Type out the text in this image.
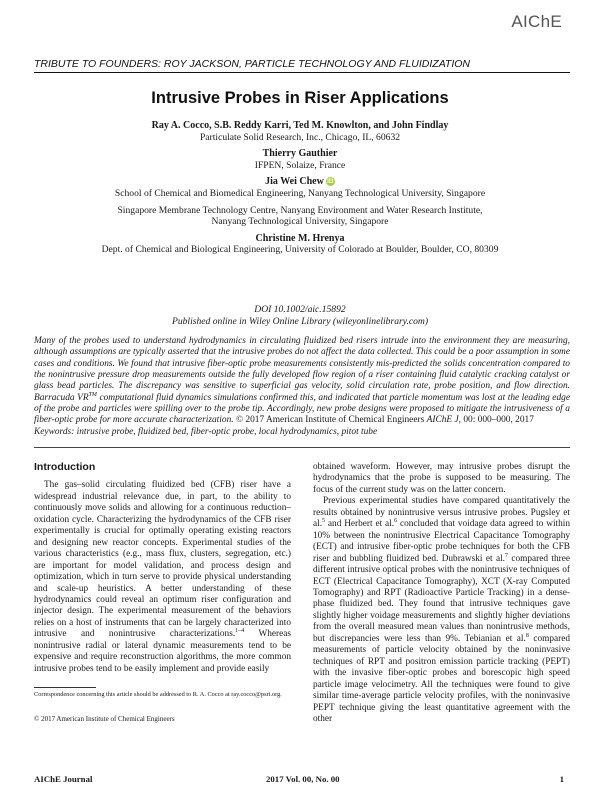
AIChE
TRIBUTE TO FOUNDERS: ROY JACKSON, PARTICLE TECHNOLOGY AND FLUIDIZATION
Intrusive Probes in Riser Applications
Ray A. Cocco, S.B. Reddy Karri, Ted M. Knowlton, and John Findlay
Particulate Solid Research, Inc., Chicago, IL, 60632
Thierry Gauthier
IFPEN, Solaize, France
Jia Wei Chew iD
School of Chemical and Biomedical Engineering, Nanyang Technological University, Singapore
Singapore Membrane Technology Centre, Nanyang Environment and Water Research Institute,
Nanyang Technological University, Singapore
Christine M. Hrenya
Dept. of Chemical and Biological Engineering, University of Colorado at Boulder, Boulder, CO, 80309
DOI 10.1002/aic.15892
Published online in Wiley Online Library (wileyonlinelibrary.com)

Many of the probes used to understand hydrodynamics in circulating fluidized bed risers intrude into the environment they are measuring, although assumptions are typically asserted that the intrusive probes do not affect the data collected. This could be a poor assumption in some cases and conditions. We found that intrusive fiber-optic probe measurements consistently mis-predicted the solids concentration compared to the nonintrusive pressure drop measurements outside the fully developed flow region of a riser containing fluid catalytic cracking catalyst or glass bead particles. The discrepancy was sensitive to superficial gas velocity, solid circulation rate, probe position, and flow direction. Barracuda VR™ computational fluid dynamics simulations confirmed this, and indicated that particle momentum was lost at the leading edge of the probe and particles were spilling over to the probe tip. Accordingly, new probe designs were proposed to mitigate the intrusiveness of a fiber-optic probe for more accurate characterization. © 2017 American Institute of Chemical Engineers AIChE J, 00: 000–000, 2017

Keywords: intrusive probe, fluidized bed, fiber-optic probe, local hydrodynamics, pitot tube

Introduction

The gas–solid circulating fluidized bed (CFB) riser have a widespread industrial relevance due, in part, to the ability to continuously move solids and allowing for a continuous reduction–oxidation cycle. Characterizing the hydrodynamics of the CFB riser experimentally is crucial for optimally operating existing reactors and designing new reactor concepts. Experimental studies of the various characteristics (e.g., mass flux, clusters, segregation, etc.) are important for model validation, and process design and optimization, which in turn serve to provide physical understanding and scale-up heuristics. A better understanding of these hydrodynamics could reveal an optimum riser configuration and injector design. The experimental measurement of the behaviors relies on a host of instruments that can be largely characterized into intrusive and nonintrusive characterizations.$^{1-4}$ Whereas nonintrusive radial or lateral dynamic measurements tend to be expensive and require reconstruction algorithms, the more common intrusive probes tend to be easily implement and provide easily

obtained waveform. However, may intrusive probes disrupt the hydrodynamics that the probe is supposed to be measuring. The focus of the current study was on the latter concern.

Previous experimental studies have compared quantitatively the results obtained by nonintrusive versus intrusive probes. Pugsley et al.$^5$ and Herbert et al.$^6$ concluded that voidage data agreed to within 10% between the nonintrusive Electrical Capacitance Tomography (ECT) and intrusive fiber-optic probe techniques for both the CFB riser and bubbling fluidized bed. Dubrawski et al.$^7$ compared three different intrusive optical probes with the nonintrusive techniques of ECT (Electrical Capacitance Tomography), XCT (X-ray Computed Tomography) and RPT (Radioactive Particle Tracking) in a dense-phase fluidized bed. They found that intrusive techniques gave slightly higher voidage measurements and slightly higher deviations from the overall measured mean values than nonintrusive methods, but discrepancies were less than 9%. Tebianian et al.$^8$ compared measurements of particle velocity obtained by the noninvasive techniques of RPT and positron emission particle tracking (PEPT) with the invasive fiber-optic probes and borescopic high speed particle image velocimetry. All the techniques were found to give similar time-average particle velocity profiles, with the noninvasive PEPT technique giving the least quantitative agreement with the other

Correspondence concerning this article should be addressed to R. A. Cocco at ray.cocco@psri.org.
© 2017 American Institute of Chemical Engineers
AIChE Journal	2017 Vol. 00, No. 00	1
